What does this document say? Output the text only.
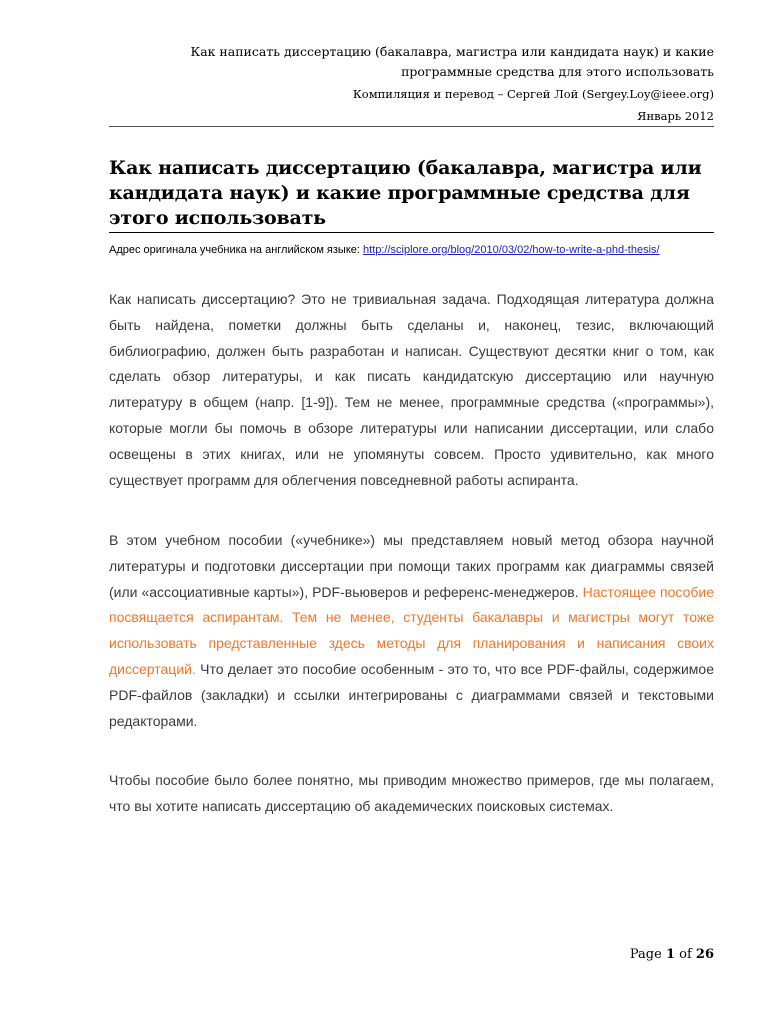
Как написать диссертацию (бакалавра, магистра или кандидата наук) и какие программные средства для этого использовать
Компиляция и перевод – Сергей Лой (Sergey.Loy@ieee.org)
Январь 2012
Как написать диссертацию (бакалавра, магистра или кандидата наук) и какие программные средства для этого использовать
Адрес оригинала учебника на английском языке: http://sciplore.org/blog/2010/03/02/how-to-write-a-phd-thesis/

Как написать диссертацию? Это не тривиальная задача. Подходящая литература должна быть найдена, пометки должны быть сделаны и, наконец, тезис, включающий библиографию, должен быть разработан и написан. Существуют десятки книг о том, как сделать обзор литературы, и как писать кандидатскую диссертацию или научную литературу в общем (напр. [1-9]). Тем не менее, программные средства («программы»), которые могли бы помочь в обзоре литературы или написании диссертации, или слабо освещены в этих книгах, или не упомянуты совсем. Просто удивительно, как много существует программ для облегчения повседневной работы аспиранта.

В этом учебном пособии («учебнике») мы представляем новый метод обзора научной литературы и подготовки диссертации при помощи таких программ как диаграммы связей (или «ассоциативные карты»), PDF-вьюверов и референс-менеджеров. Настоящее пособие посвящается аспирантам. Тем не менее, студенты бакалавры и магистры могут тоже использовать представленные здесь методы для планирования и написания своих диссертаций. Что делает это пособие особенным - это то, что все PDF-файлы, содержимое PDF-файлов (закладки) и ссылки интегрированы с диаграммами связей и текстовыми редакторами.

Чтобы пособие было более понятно, мы приводим множество примеров, где мы полагаем, что вы хотите написать диссертацию об академических поисковых системах.

Page 1 of 26
